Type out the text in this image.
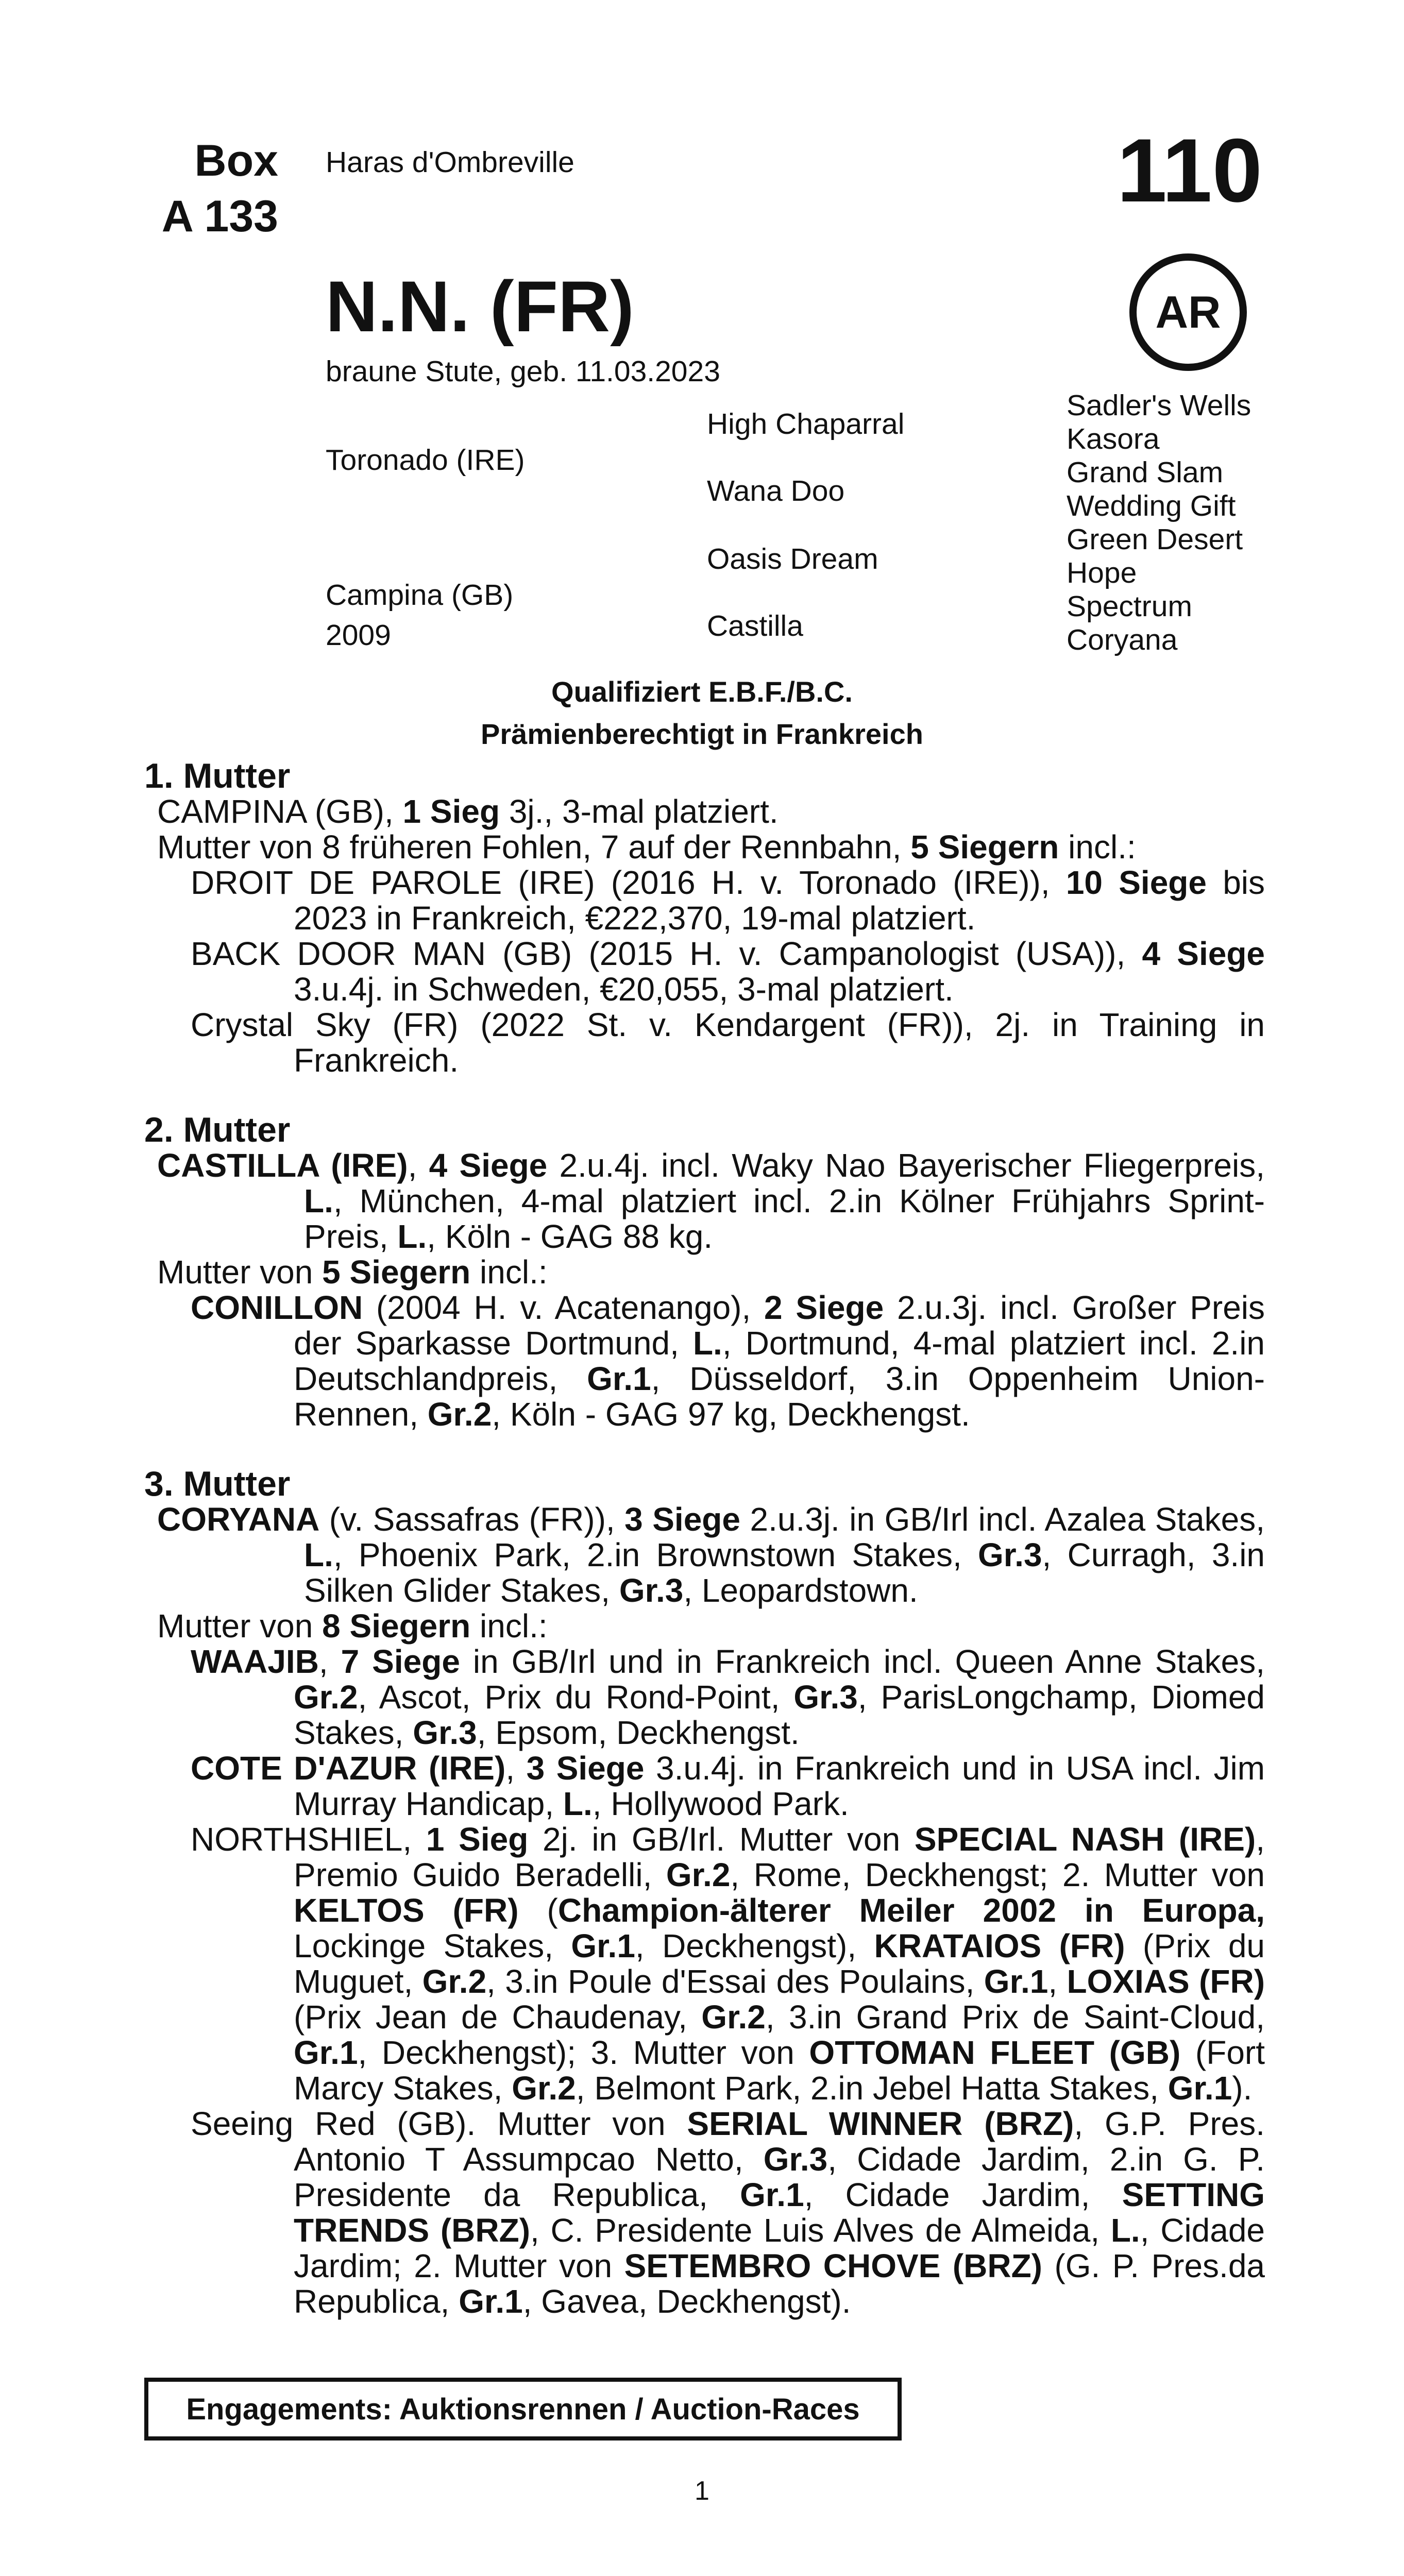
Box
A 133
Haras d'Ombreville	110
AR
N.N. (FR)
braune Stute, geb. 11.03.2023
Toronado (IRE)
Campina (GB)
2009
High Chaparral
Wana Doo
Oasis Dream
Castilla
Sadler's Wells
Kasora
Grand Slam
Wedding Gift
Green Desert
Hope
Spectrum
Coryana
Qualifiziert E.B.F./B.C.
Prämienberechtigt in Frankreich
1. Mutter
CAMPINA (GB), 1 Sieg 3j., 3-mal platziert.
Mutter von 8 früheren Fohlen, 7 auf der Rennbahn, 5 Siegern incl.:
DROIT DE PAROLE (IRE) (2016 H. v. Toronado (IRE)), 10 Siege bis 2023 in Frankreich, €222,370, 19-mal platziert.
BACK DOOR MAN (GB) (2015 H. v. Campanologist (USA)), 4 Siege 3.u.4j. in Schweden, €20,055, 3-mal platziert.
Crystal Sky (FR) (2022 St. v. Kendargent (FR)), 2j. in Training in Frankreich.
2. Mutter
CASTILLA (IRE), 4 Siege 2.u.4j. incl. Waky Nao Bayerischer Fliegerpreis, L., München, 4-mal platziert incl. 2.in Kölner Frühjahrs Sprint-Preis, L., Köln - GAG 88 kg.
Mutter von 5 Siegern incl.:
CONILLON (2004 H. v. Acatenango), 2 Siege 2.u.3j. incl. Großer Preis der Sparkasse Dortmund, L., Dortmund, 4-mal platziert incl. 2.in Deutschlandpreis, Gr.1, Düsseldorf, 3.in Oppenheim Union-Rennen, Gr.2, Köln - GAG 97 kg, Deckhengst.
3. Mutter
CORYANA (v. Sassafras (FR)), 3 Siege 2.u.3j. in GB/Irl incl. Azalea Stakes, L., Phoenix Park, 2.in Brownstown Stakes, Gr.3, Curragh, 3.in Silken Glider Stakes, Gr.3, Leopardstown.
Mutter von 8 Siegern incl.:
WAAJIB, 7 Siege in GB/Irl und in Frankreich incl. Queen Anne Stakes, Gr.2, Ascot, Prix du Rond-Point, Gr.3, ParisLongchamp, Diomed Stakes, Gr.3, Epsom, Deckhengst.
COTE D'AZUR (IRE), 3 Siege 3.u.4j. in Frankreich und in USA incl. Jim Murray Handicap, L., Hollywood Park.
NORTHSHIEL, 1 Sieg 2j. in GB/Irl. Mutter von SPECIAL NASH (IRE), Premio Guido Beradelli, Gr.2, Rome, Deckhengst; 2. Mutter von KELTOS (FR) (Champion-älterer Meiler 2002 in Europa, Lockinge Stakes, Gr.1, Deckhengst), KRATAIOS (FR) (Prix du Muguet, Gr.2, 3.in Poule d'Essai des Poulains, Gr.1, LOXIAS (FR) (Prix Jean de Chaudenay, Gr.2, 3.in Grand Prix de Saint-Cloud, Gr.1, Deckhengst); 3. Mutter von OTTOMAN FLEET (GB) (Fort Marcy Stakes, Gr.2, Belmont Park, 2.in Jebel Hatta Stakes, Gr.1).
Seeing Red (GB). Mutter von SERIAL WINNER (BRZ), G.P. Pres. Antonio T Assumpcao Netto, Gr.3, Cidade Jardim, 2.in G. P. Presidente da Republica, Gr.1, Cidade Jardim, SETTING TRENDS (BRZ), C. Presidente Luis Alves de Almeida, L., Cidade Jardim; 2. Mutter von SETEMBRO CHOVE (BRZ) (G. P. Pres.da Republica, Gr.1, Gavea, Deckhengst).
Engagements: Auktionsrennen / Auction-Races
1
